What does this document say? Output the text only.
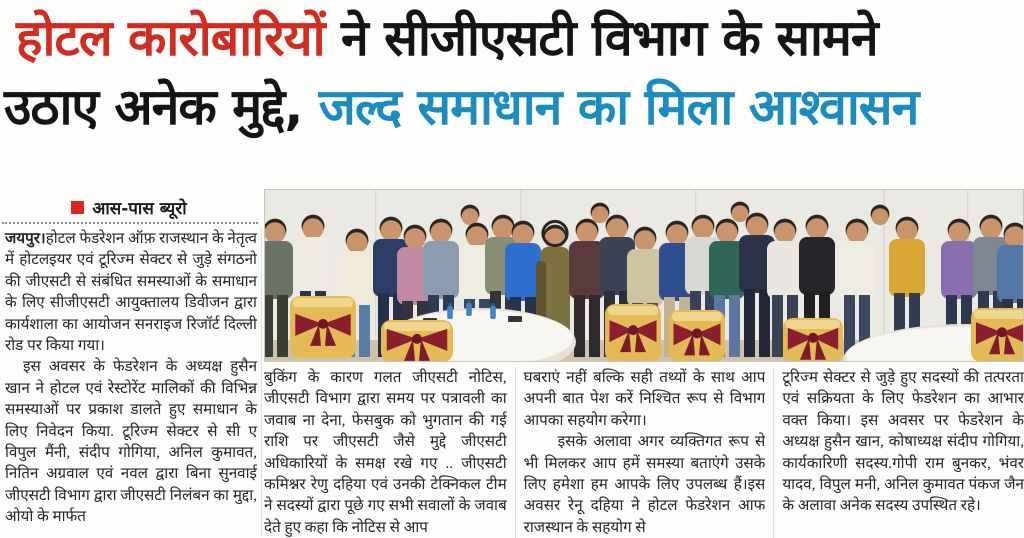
होटल कारोबारियों ने सीजीएसटी विभाग के सामने
उठाए अनेक मुद्दे, जल्द समाधान का मिला आश्वासन
आस-पास ब्यूरो

जयपुर।होटल फेडरेशन ऑफ़ राजस्थान के नेतृत्व में होटलइयर एवं टूरिज्म सेक्टर से जुड़े संगठनो की जीएसटी से संबंधित समस्याओं के समाधान के लिए सीजीएसटी आयुक्तालय डिवीजन द्वारा कार्यशाला का आयोजन सनराइज रिजॉर्ट दिल्ली रोड पर किया गया।

इस अवसर के फेडरेशन के अध्यक्ष हुसैन खान ने होटल एवं रेस्टोरेंट मालिकों की विभिन्न समस्याओं पर प्रकाश डालते हुए समाधान के लिए निवेदन किया. टूरिज्म सेक्टर से सी ए विपुल मैंनी, संदीप गोगिया, अनिल कुमावत, नितिन अग्रवाल एवं नवल द्वारा बिना सुनवाई जीएसटी विभाग द्वारा जीएसटी निलंबन का मुद्दा, ओयो के मार्फत

बुकिंग के कारण गलत जीएसटी नोटिस, जीएसटी विभाग द्वारा समय पर पत्रावली का जवाब ना देना, फेसबुक को भुगतान की गई राशि पर जीएसटी जैसे मुद्दे जीएसटी अधिकारियों के समक्ष रखे गए .. जीएसटी कमिश्नर रेणु दहिया एवं उनकी टेक्निकल टीम ने सदस्यों द्वारा पूछे गए सभी सवालों के जवाब देते हुए कहा कि नोटिस से आप

घबराएं नहीं बल्कि सही तथ्यों के साथ आप अपनी बात पेश करें निश्चित रूप से विभाग आपका सहयोग करेगा।

इसके अलावा अगर व्यक्तिगत रूप से भी मिलकर आप हमें समस्या बताएंगे उसके लिए हमेशा हम आपके लिए उपलब्ध हैं।इस अवसर रेनू दहिया ने होटल फेडरेशन आफ राजस्थान के सहयोग से

टूरिज्म सेक्टर से जुड़े हुए सदस्यों की तत्परता एवं सक्रियता के लिए फेडरेशन का आभार वक्त किया। इस अवसर पर फेडरेशन के अध्यक्ष हुसैन खान, कोषाध्यक्ष संदीप गोगिया, कार्यकारिणी सदस्य.गोपी राम बुनकर, भंवर यादव, विपुल मनी, अनिल कुमावत पंकज जैन के अलावा अनेक सदस्य उपस्थित रहे।
